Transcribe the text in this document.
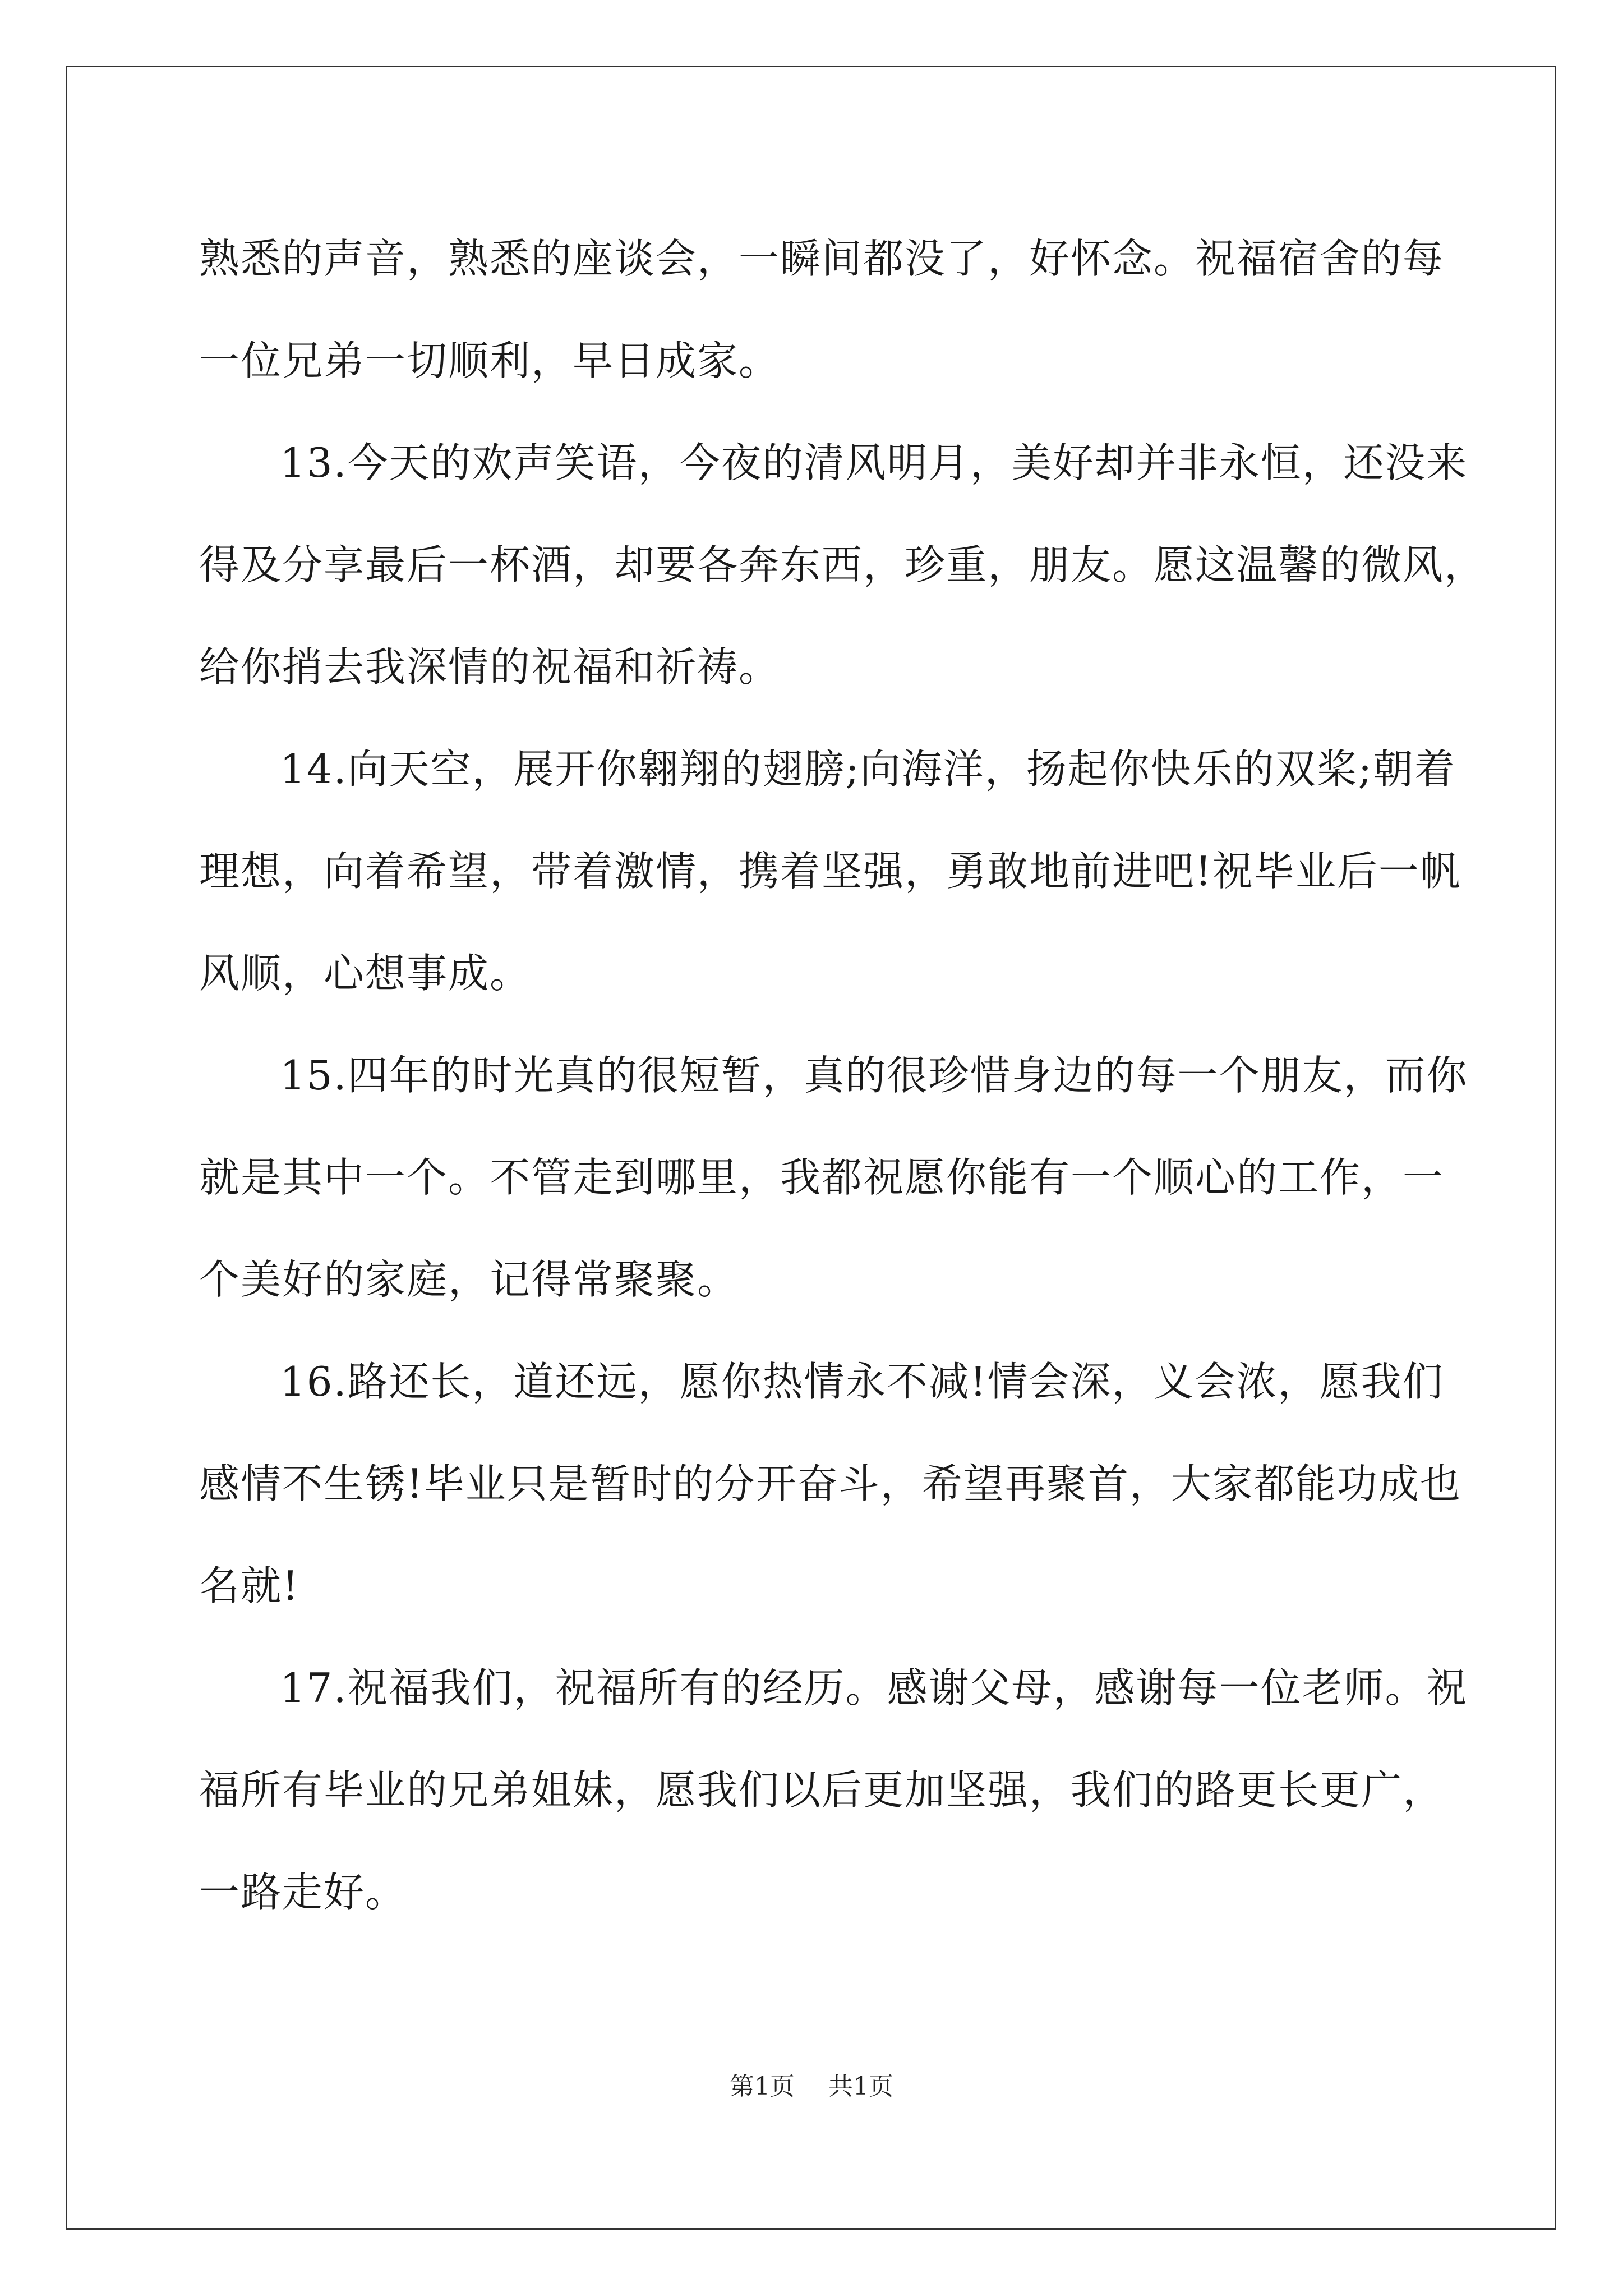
熟悉的声音，熟悉的座谈会，一瞬间都没了，好怀念。祝福宿舍的每
一位兄弟一切顺利，早日成家。
13.今天的欢声笑语，今夜的清风明月，美好却并非永恒，还没来
得及分享最后一杯酒，却要各奔东西，珍重，朋友。愿这温馨的微风，
给你捎去我深情的祝福和祈祷。
14.向天空，展开你翱翔的翅膀;向海洋，扬起你快乐的双桨;朝着
理想，向着希望，带着激情，携着坚强，勇敢地前进吧!祝毕业后一帆
风顺，心想事成。
15.四年的时光真的很短暂，真的很珍惜身边的每一个朋友，而你
就是其中一个。不管走到哪里，我都祝愿你能有一个顺心的工作，一
个美好的家庭，记得常聚聚。
16.路还长，道还远，愿你热情永不减!情会深，义会浓，愿我们
感情不生锈!毕业只是暂时的分开奋斗，希望再聚首，大家都能功成也
名就!
17.祝福我们，祝福所有的经历。感谢父母，感谢每一位老师。祝
福所有毕业的兄弟姐妹，愿我们以后更加坚强，我们的路更长更广，
一路走好。
第1页 共1页
